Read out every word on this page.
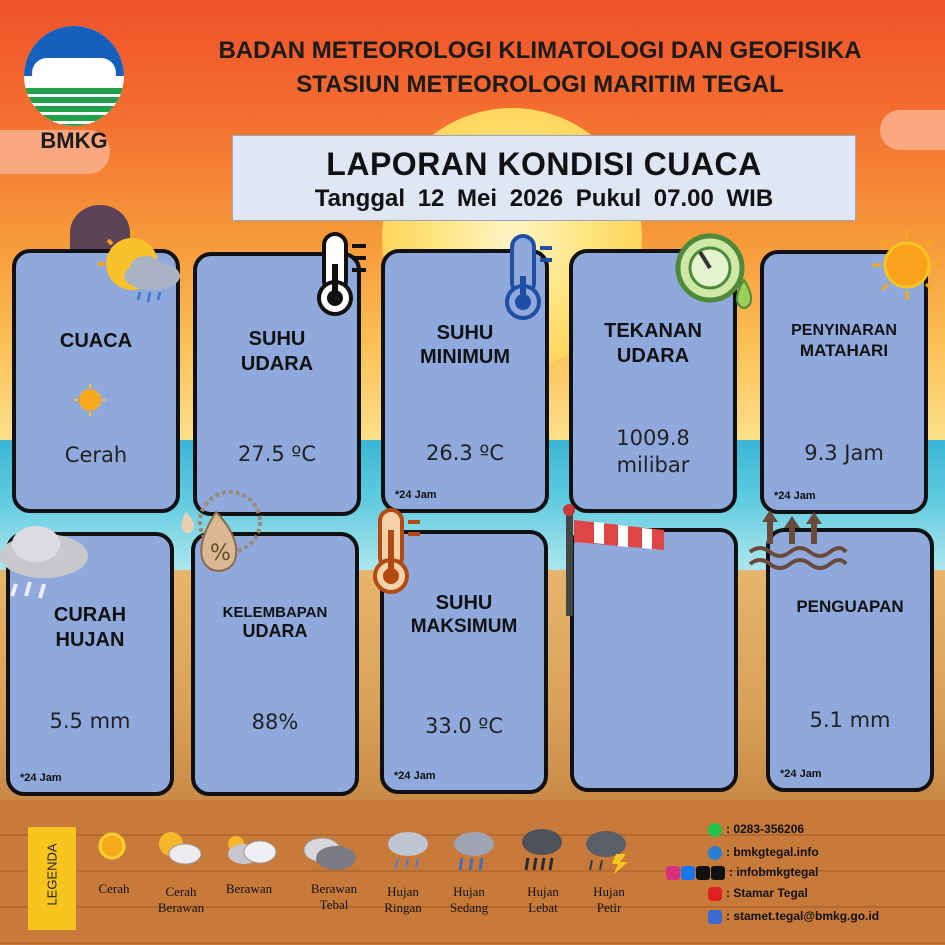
BMKG
BADAN METEOROLOGI KLIMATOLOGI DAN GEOFISIKA
STASIUN METEOROLOGI MARITIM TEGAL
LAPORAN KONDISI CUACA
Tanggal 12 Mei 2026 Pukul 07.00 WIB
CUACA
Cerah
SUHU
UDARA
27.5 ºC
SUHU
MINIMUM
26.3 ºC
*24 Jam
TEKANAN
UDARA
1009.8
milibar
PENYINARAN
MATAHARI
9.3 Jam
*24 Jam
CURAH
HUJAN
5.5 mm
*24 Jam
KELEMBAPAN
UDARA
88%
%
SUHU
MAKSIMUM
33.0 ºC
*24 Jam
PENGUAPAN
5.1 mm
*24 Jam
LEGENDA	Cerah	Cerah
Berawan
Berawan	Berawan
Tebal
Hujan
Ringan
Hujan
Sedang
Hujan
Lebat
Hujan
Petir
: 0283-356206
: bmkgtegal.info
: infobmkgtegal
: Stamar Tegal
: stamet.tegal@bmkg.go.id
